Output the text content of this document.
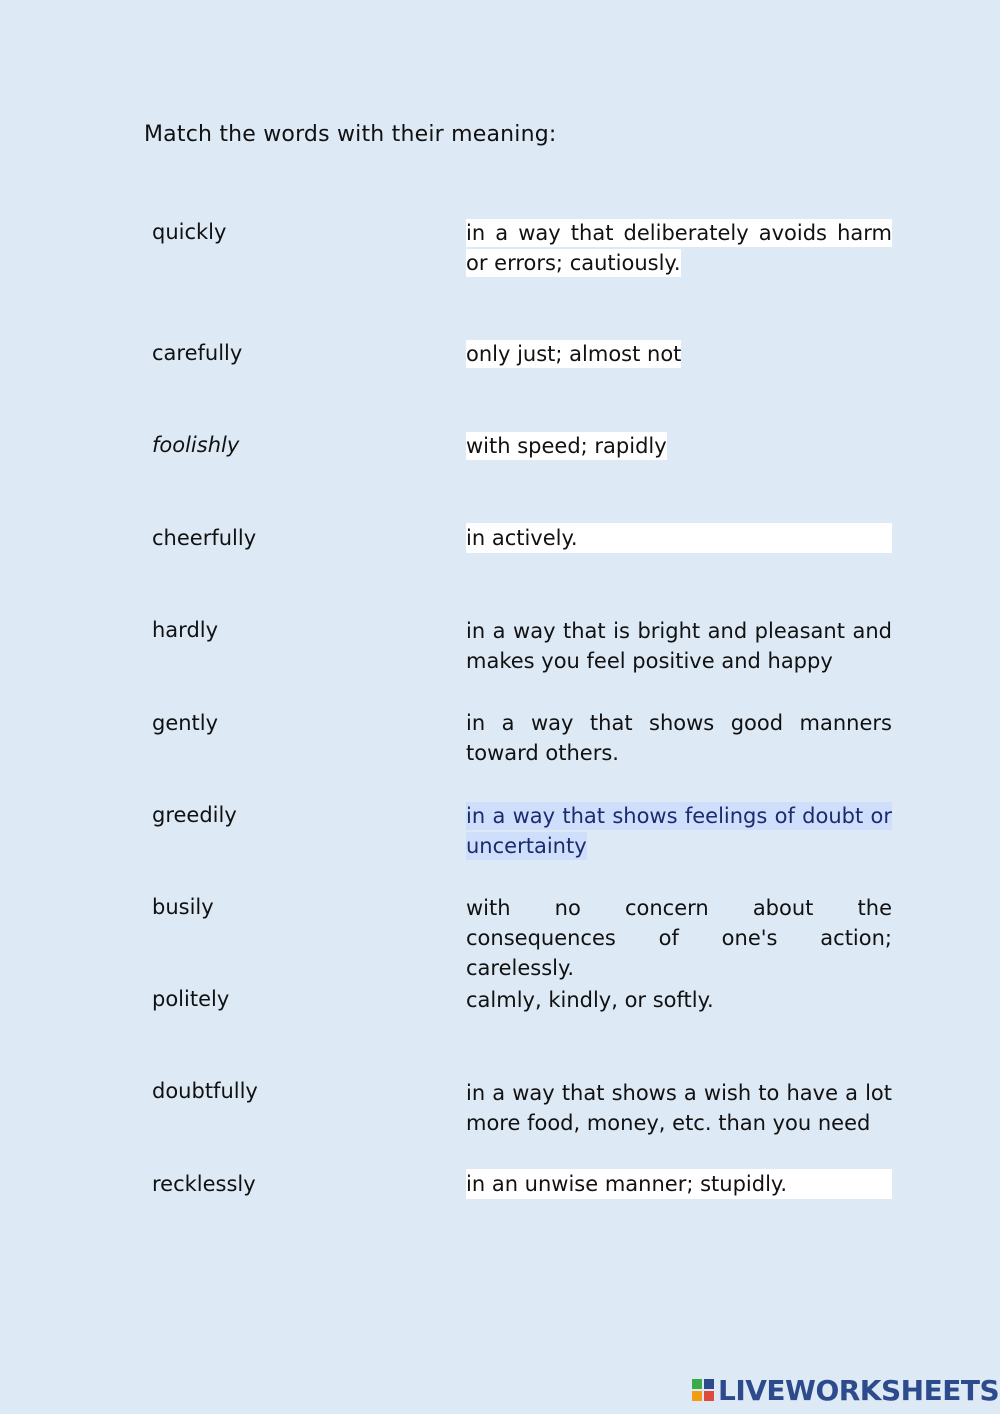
Match the words with their meaning:
quickly
carefully
foolishly
cheerfully
hardly
gently
greedily
busily
politely
doubtfully
recklessly
in a way that deliberately avoids harm or errors; cautiously.
only just; almost not
with speed; rapidly
in actively.
in a way that is bright and pleasant and makes you feel positive and happy
in a way that shows good manners toward others.
in a way that shows feelings of doubt or uncertainty
with no concern about the consequences of one's action; carelessly.
calmly, kindly, or softly.
in a way that shows a wish to have a lot more food, money, etc. than you need
in an unwise manner; stupidly.
LIVEWORKSHEETS
